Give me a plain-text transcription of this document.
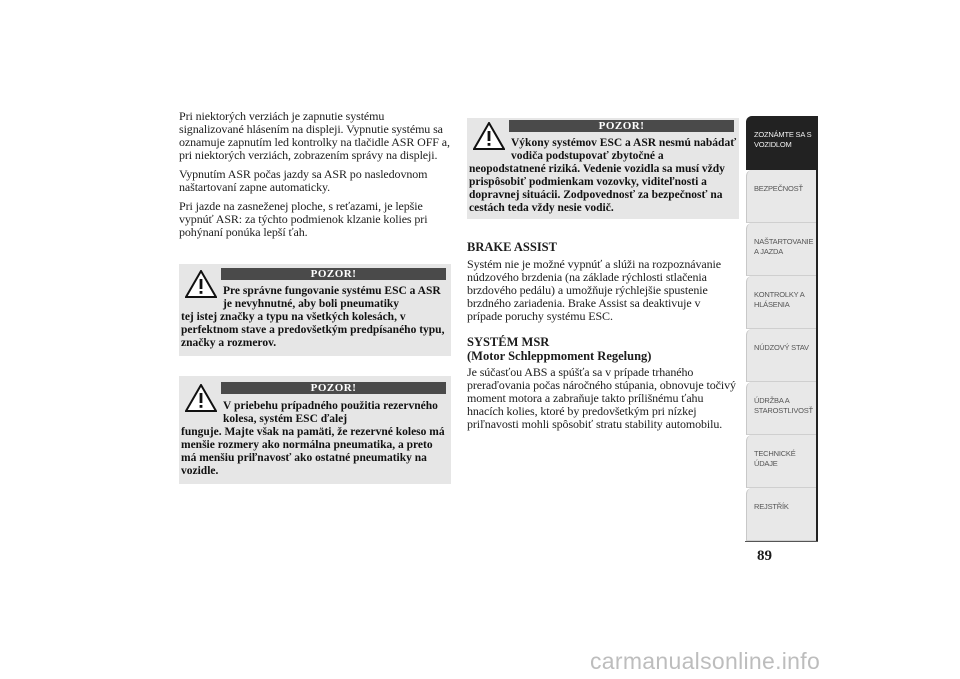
Pri niektorých verziách je zapnutie systému signalizované hlásením na displeji. Vypnutie systému sa oznamuje zapnutím led kontrolky na tlačidle ASR OFF a, pri niektorých verziách, zobrazením správy na displeji.

Vypnutím ASR počas jazdy sa ASR po nasledovnom naštartovaní zapne automaticky.

Pri jazde na zasneženej ploche, s reťazami, je lepšie vypnúť ASR: za týchto podmienok klzanie kolies pri pohýnaní ponúka lepší ťah.

POZOR!
Pre správne fungovanie systému ESC a ASR je nevyhnutné, aby boli pneumatiky
tej istej značky a typu na všetkých kolesách, v perfektnom stave a predovšetkým predpísaného typu, značky a rozmerov.
POZOR!
V priebehu prípadného použitia rezervného kolesa, systém ESC ďalej
funguje. Majte však na pamäti, že rezervné koleso má menšie rozmery ako normálna pneumatika, a preto má menšiu priľnavosť ako ostatné pneumatiky na vozidle.
POZOR!
Výkony systémov ESC a ASR nesmú nabádať vodiča podstupovať zbytočné a
neopodstatnené riziká. Vedenie vozidla sa musí vždy prispôsobiť podmienkam vozovky, viditeľnosti a dopravnej situácii. Zodpovednosť za bezpečnosť na cestách teda vždy nesie vodič.
BRAKE ASSIST

Systém nie je možné vypnúť a slúži na rozpoznávanie núdzového brzdenia (na základe rýchlosti stlačenia brzdového pedálu) a umožňuje rýchlejšie spustenie brzdného zariadenia. Brake Assist sa deaktivuje v prípade poruchy systému ESC.

SYSTÉM MSR
(Motor Schleppmoment Regelung)

Je súčasťou ABS a spúšťa sa v prípade trhaného preraďovania počas náročného stúpania, obnovuje točivý moment motora a zabraňuje takto prílišnému ťahu hnacích kolies, ktoré by predovšetkým pri nízkej priľnavosti mohli spôsobiť stratu stability automobilu.

ZOZNÁMTE SA S
VOZIDLOM
BEZPEČNOSŤ

NAŠTARTOVANIE
A JAZDA
KONTROLKY A
HLÁSENIA
NÚDZOVÝ STAV

ÚDRŽBA A
STAROSTLIVOSŤ
TECHNICKÉ
ÚDAJE
REJSTŘÍK

89
carmanualsonline.info
